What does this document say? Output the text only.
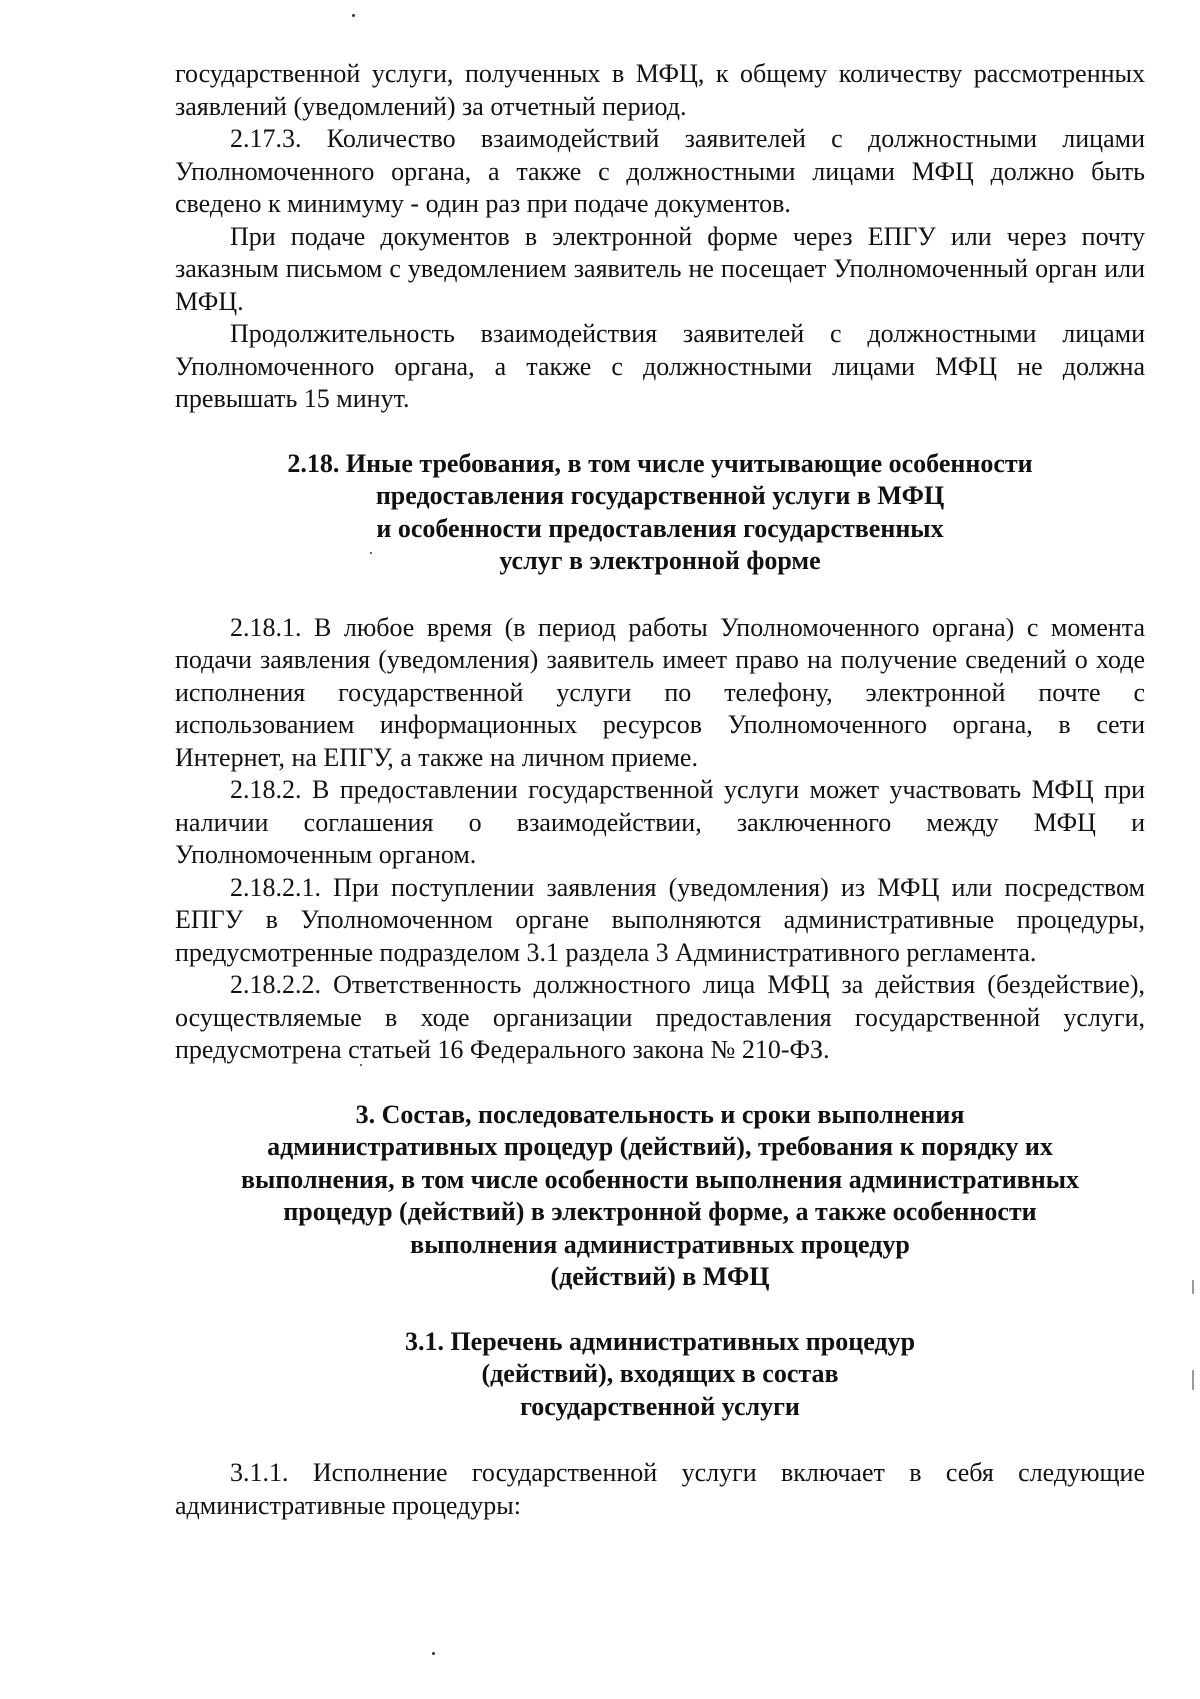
государственной услуги, полученных в МФЦ, к общему количеству рассмотренных заявлений (уведомлений) за отчетный период.

2.17.3. Количество взаимодействий заявителей с должностными лицами Уполномоченного органа, а также с должностными лицами МФЦ должно быть сведено к минимуму - один раз при подаче документов.

При подаче документов в электронной форме через ЕПГУ или через почту заказным письмом с уведомлением заявитель не посещает Уполномоченный орган или МФЦ.

Продолжительность взаимодействия заявителей с должностными лицами Уполномоченного органа, а также с должностными лицами МФЦ не должна превышать 15 минут.

2.18. Иные требования, в том числе учитывающие особенности
предоставления государственной услуги в МФЦ
и особенности предоставления государственных
услуг в электронной форме

2.18.1. В любое время (в период работы Уполномоченного органа) с момента подачи заявления (уведомления) заявитель имеет право на получение сведений о ходе исполнения государственной услуги по телефону, электронной почте с использованием информационных ресурсов Уполномоченного органа, в сети Интернет, на ЕПГУ, а также на личном приеме.

2.18.2. В предоставлении государственной услуги может участвовать МФЦ при наличии соглашения о взаимодействии, заключенного между МФЦ и Уполномоченным органом.

2.18.2.1. При поступлении заявления (уведомления) из МФЦ или посредством ЕПГУ в Уполномоченном органе выполняются административные процедуры, предусмотренные подразделом 3.1 раздела 3 Административного регламента.

2.18.2.2. Ответственность должностного лица МФЦ за действия (бездействие), осуществляемые в ходе организации предоставления государственной услуги, предусмотрена статьей 16 Федерального закона № 210-ФЗ.

3. Состав, последовательность и сроки выполнения
административных процедур (действий), требования к порядку их
выполнения, в том числе особенности выполнения административных
процедур (действий) в электронной форме, а также особенности
выполнения административных процедур
(действий) в МФЦ
3.1. Перечень административных процедур
(действий), входящих в состав
государственной услуги

3.1.1. Исполнение государственной услуги включает в себя следующие административные процедуры:
